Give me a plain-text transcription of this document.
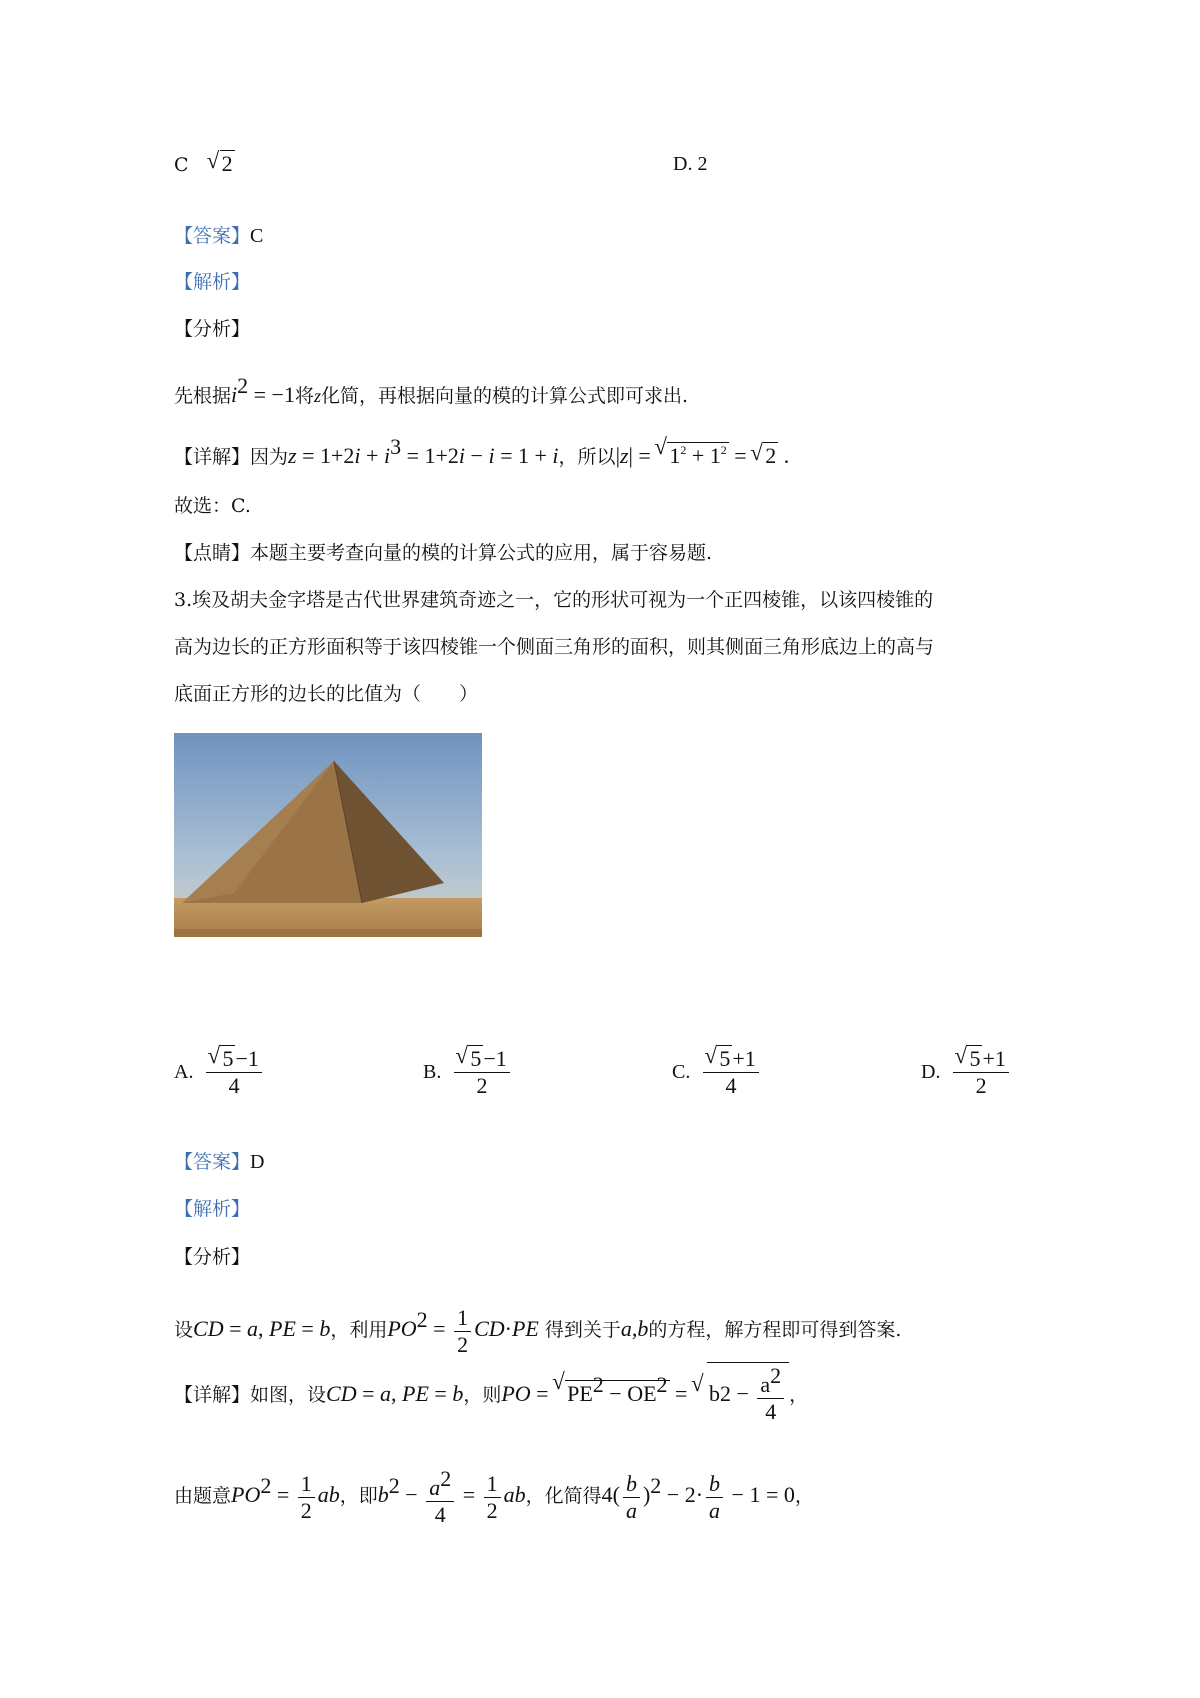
C √ 2	D. 2
【答案】C
【解析】
【分析】
先根据$i^2 = -1$将z化简，再根据向量的模的计算公式即可求出.
【详解】因为$z = 1+2i + i^3 = 1+2i - i = 1 + i$，所以|z| = √ $1^2 + 1^2$ = √ 2 .
故选：C.
【点睛】本题主要考查向量的模的计算公式的应用，属于容易题.
3.埃及胡夫金字塔是古代世界建筑奇迹之一，它的形状可视为一个正四棱锥，以该四棱锥的
高为边长的正方形面积等于该四棱锥一个侧面三角形的面积，则其侧面三角形底边上的高与
底面正方形的边长的比值为（　　）
A. √ $\frac{5-1}{4}$	B. √ $\frac{5-1}{2}$	C. √ $\frac{5+1}{4}$	D. √ $\frac{5+1}{2}$
【答案】D
【解析】
【分析】
设CD = a, PE = b，利用$PO^2 = \frac{1}{2} CD\cdot PE$ 得到关于a,b的方程，解方程即可得到答案.
【详解】如图，设CD = a, PE = b，则PO = √ $PE^2 - OE^2$ = √ b $2 - \frac{a^2}{4}$ ，
由题意$PO^2 = \frac{1}{2}$ ab，即$b^2 - \frac{a^2}{4} = \frac{1}{2}$ ab，化简得$4( \frac{b}{a} )^2 - 2\cdot \frac{b}{a} - 1 = 0$，
